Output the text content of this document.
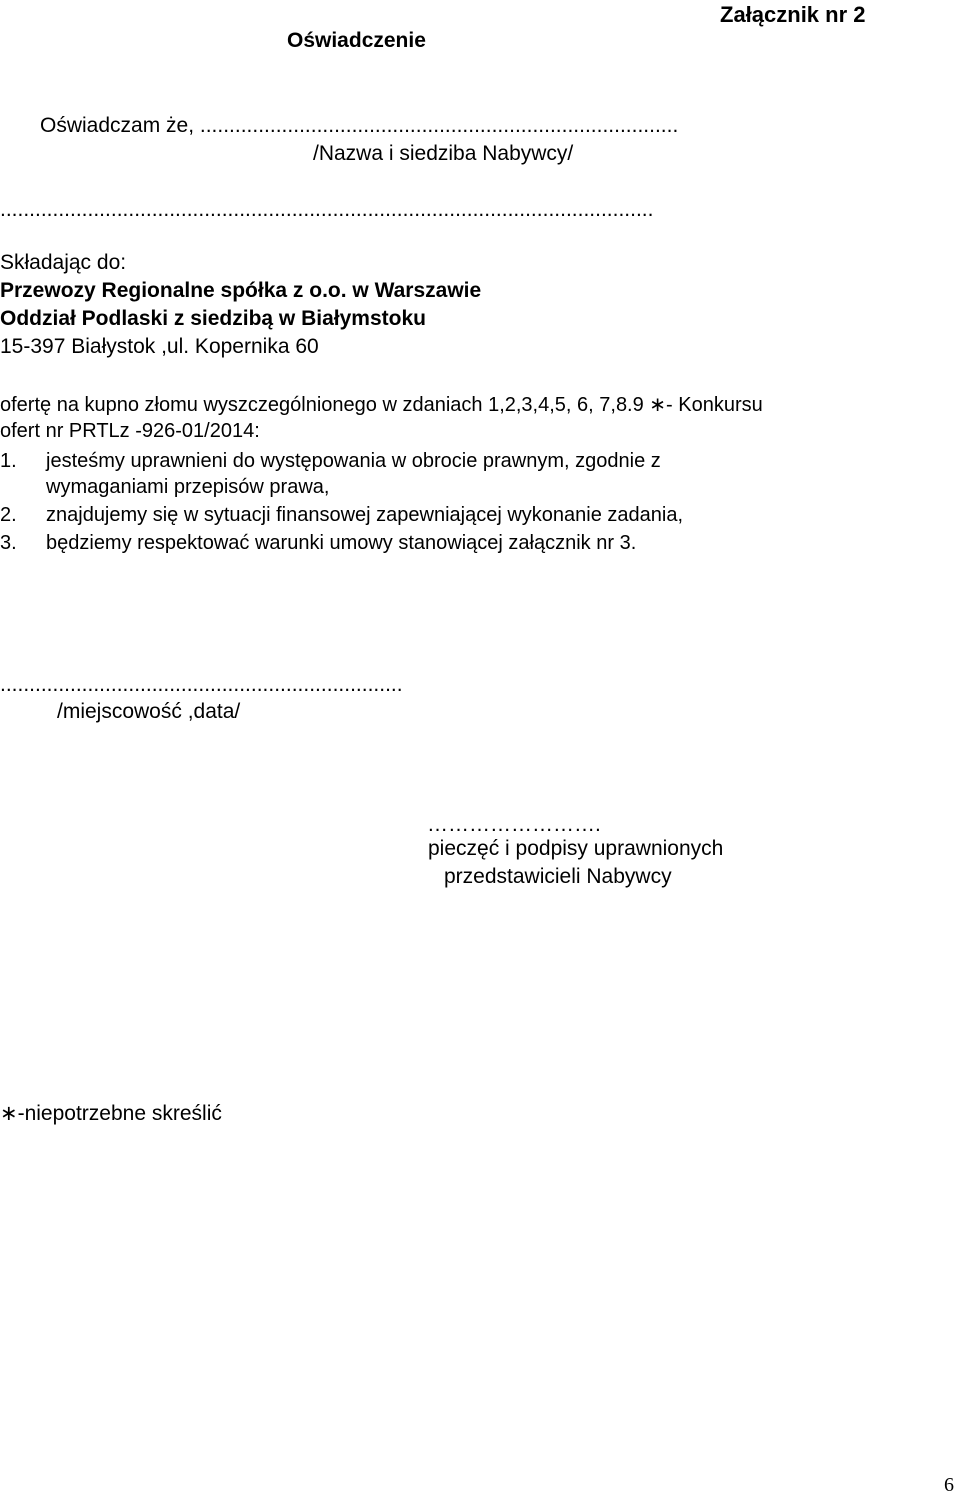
Załącznik nr 2
Oświadczenie
Oświadczam że, ..................................................................................
/Nazwa i siedziba Nabywcy/
................................................................................................................
Składając do:
Przewozy Regionalne spółka z o.o. w Warszawie
Oddział Podlaski z siedzibą w Białymstoku
15-397 Białystok ,ul. Kopernika 60
ofertę na kupno złomu wyszczególnionego w zdaniach 1,2,3,4,5, 6, 7,8.9 ∗- Konkursu
ofert nr PRTLz -926-01/2014:
1. jesteśmy uprawnieni do występowania w obrocie prawnym, zgodnie z
wymaganiami przepisów prawa,
2. znajdujemy się w sytuacji finansowej zapewniającej wykonanie zadania,
3. będziemy respektować warunki umowy stanowiącej załącznik nr 3.
.....................................................................
/miejscowość ,data/
…………………….
pieczęć i podpisy uprawnionych
przedstawicieli Nabywcy
∗-niepotrzebne skreślić
6
